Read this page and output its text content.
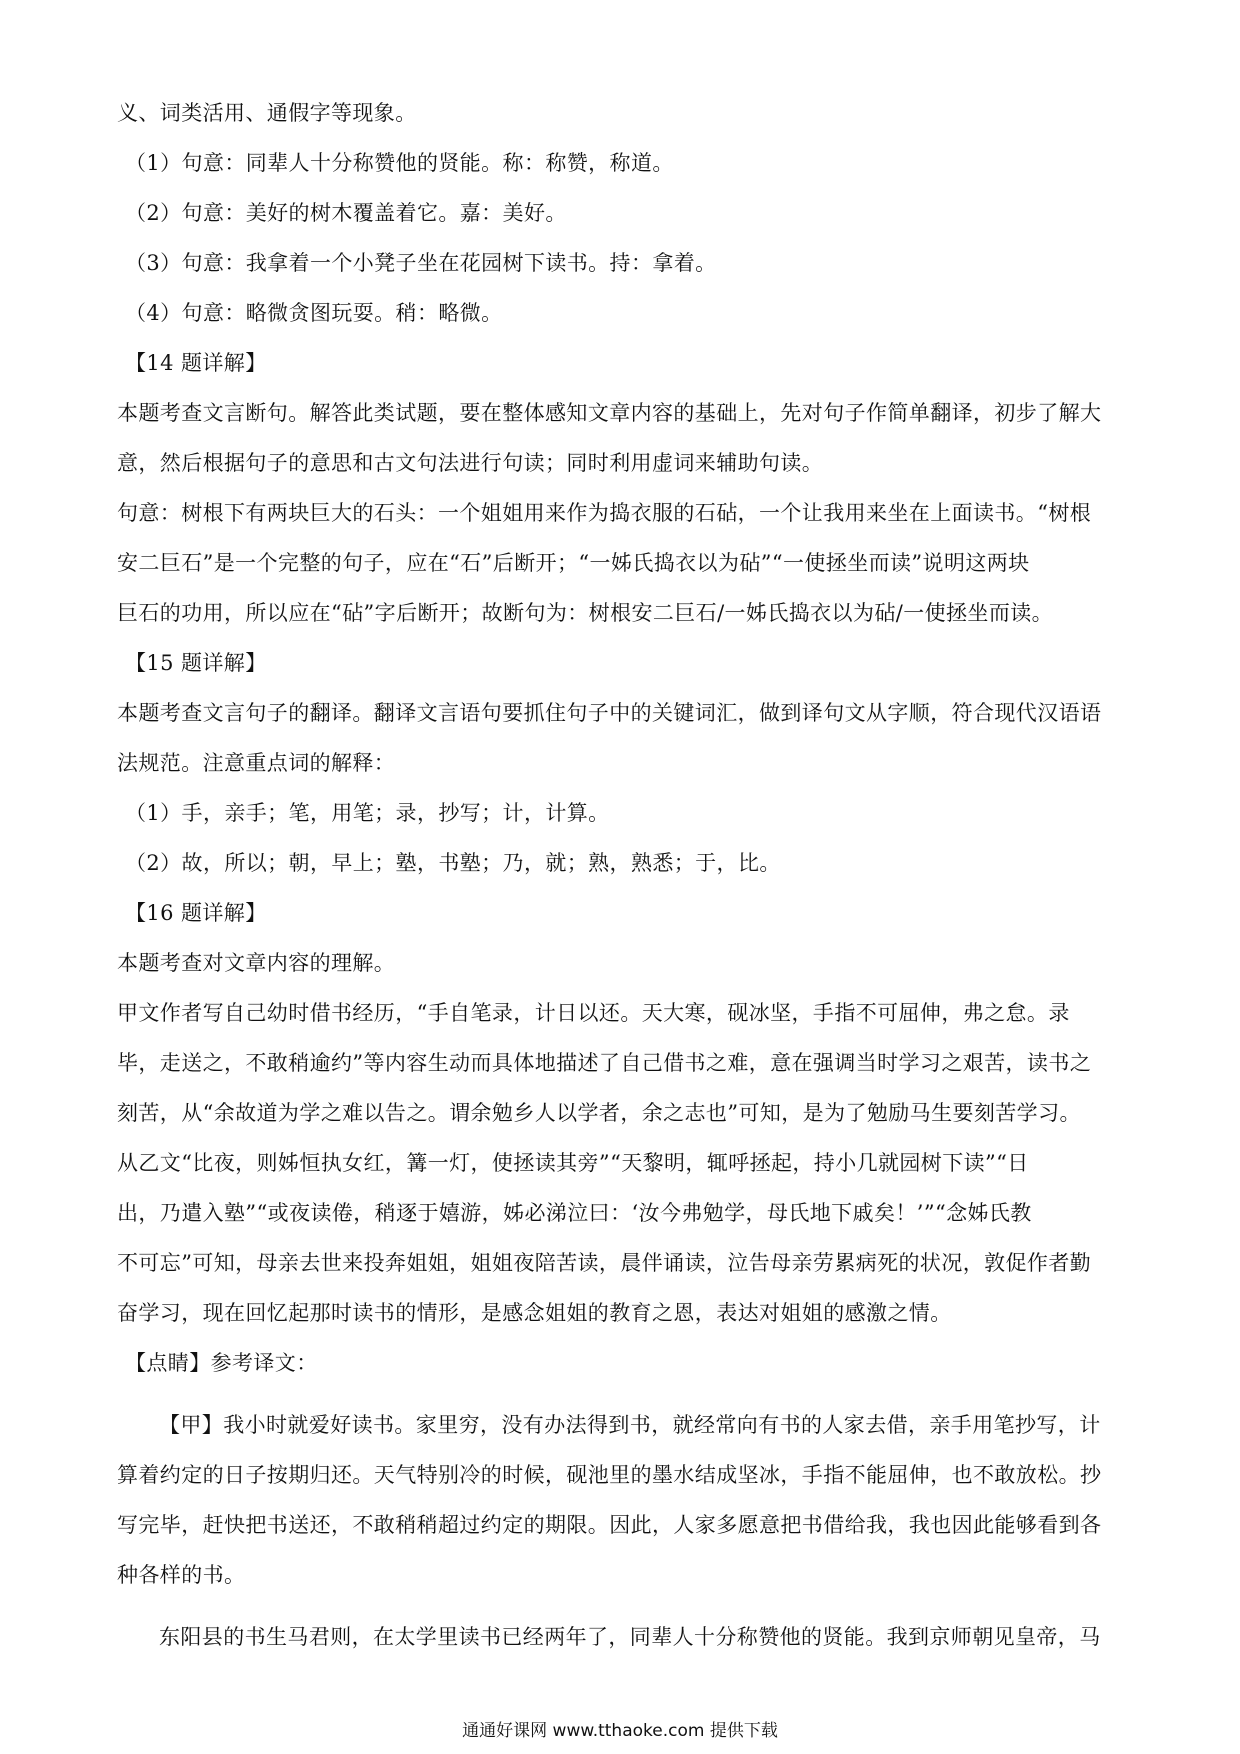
义、词类活用、通假字等现象。
（1）句意：同辈人十分称赞他的贤能。称：称赞，称道。
（2）句意：美好的树木覆盖着它。嘉：美好。
（3）句意：我拿着一个小凳子坐在花园树下读书。持：拿着。
（4）句意：略微贪图玩耍。稍：略微。
【14 题详解】
本题考查文言断句。解答此类试题，要在整体感知文章内容的基础上，先对句子作简单翻译，初步了解大
意，然后根据句子的意思和古文句法进行句读；同时利用虚词来辅助句读。
句意：树根下有两块巨大的石头：一个姐姐用来作为捣衣服的石砧，一个让我用来坐在上面读书。“树根
安二巨石”是一个完整的句子，应在“石”后断开；“一姊氏捣衣以为砧”“一使拯坐而读”说明这两块
巨石的功用，所以应在“砧”字后断开；故断句为：树根安二巨石/一姊氏捣衣以为砧/一使拯坐而读。
【15 题详解】
本题考查文言句子的翻译。翻译文言语句要抓住句子中的关键词汇，做到译句文从字顺，符合现代汉语语
法规范。注意重点词的解释：
（1）手，亲手；笔，用笔；录，抄写；计，计算。
（2）故，所以；朝，早上；塾，书塾；乃，就；熟，熟悉；于，比。
【16 题详解】
本题考查对文章内容的理解。
甲文作者写自己幼时借书经历，“手自笔录，计日以还。天大寒，砚冰坚，手指不可屈伸，弗之怠。录
毕，走送之，不敢稍逾约”等内容生动而具体地描述了自己借书之难，意在强调当时学习之艰苦，读书之
刻苦，从“余故道为学之难以告之。谓余勉乡人以学者，余之志也”可知，是为了勉励马生要刻苦学习。
从乙文“比夜，则姊恒执女红，篝一灯，使拯读其旁”“天黎明，辄呼拯起，持小几就园树下读”“日
出，乃遣入塾”“或夜读倦，稍逐于嬉游，姊必涕泣曰：‘汝今弗勉学，母氏地下戚矣！’”“念姊氏教
不可忘”可知，母亲去世来投奔姐姐，姐姐夜陪苦读，晨伴诵读，泣告母亲劳累病死的状况，敦促作者勤
奋学习，现在回忆起那时读书的情形，是感念姐姐的教育之恩，表达对姐姐的感激之情。
【点睛】参考译文：
【甲】我小时就爱好读书。家里穷，没有办法得到书，就经常向有书的人家去借，亲手用笔抄写，计
算着约定的日子按期归还。天气特别冷的时候，砚池里的墨水结成坚冰，手指不能屈伸，也不敢放松。抄
写完毕，赶快把书送还，不敢稍稍超过约定的期限。因此，人家多愿意把书借给我，我也因此能够看到各
种各样的书。
东阳县的书生马君则，在太学里读书已经两年了，同辈人十分称赞他的贤能。我到京师朝见皇帝，马
通通好课网 www.tthaoke.com 提供下载
